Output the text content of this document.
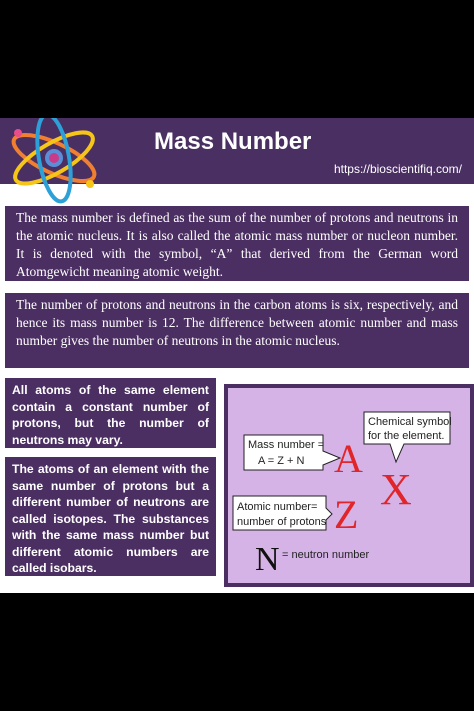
Mass Number
https://bioscientifiq.com/
The mass number is defined as the sum of the number of protons and neutrons in the atomic nucleus. It is also called the atomic mass number or nucleon number. It is denoted with the symbol, “A” that derived from the German word Atomgewicht meaning atomic weight.
The number of protons and neutrons in the carbon atoms is six, respectively, and hence its mass number is 12. The difference between atomic number and mass number gives the number of neutrons in the atomic nucleus.
All atoms of the same element contain a constant number of protons, but the number of neutrons may vary.
The atoms of an element with the same number of protons but a different number of neutrons are called isotopes. The substances with the same mass number but different atomic numbers are called isobars.
Mass number =
A = Z + N
Chemical symbol
for the element.
Atomic number=
number of protons
A
X
Z
N = neutron number
